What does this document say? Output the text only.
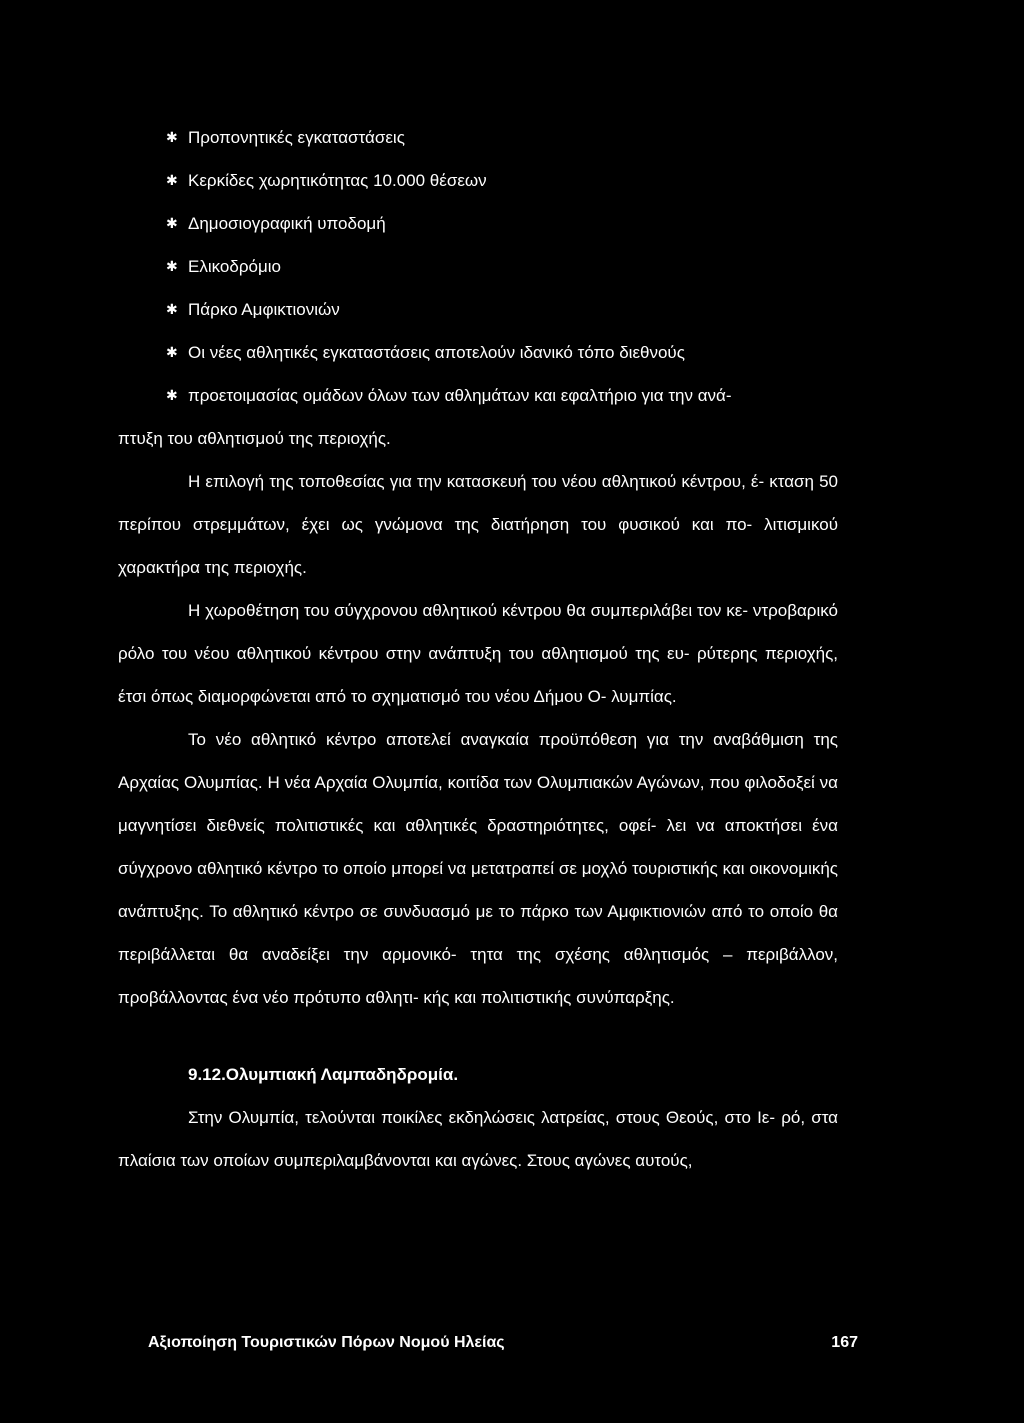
✱ Προπονητικές εγκαταστάσεις
✱ Κερκίδες χωρητικότητας 10.000 θέσεων
✱ Δημοσιογραφική υποδομή
✱ Ελικοδρόμιο
✱ Πάρκο Αμφικτιονιών
✱ Οι νέες αθλητικές εγκαταστάσεις αποτελούν ιδανικό τόπο διεθνούς
✱ προετοιμασίας ομάδων όλων των αθλημάτων και εφαλτήριο για την ανά-
πτυξη του αθλητισμού της περιοχής.

Η επιλογή της τοποθεσίας για την κατασκευή του νέου αθλητικού κέντρου, έ- κταση 50 περίπου στρεμμάτων, έχει ως γνώμονα της διατήρηση του φυσικού και πο- λιτισμικού χαρακτήρα της περιοχής.

Η χωροθέτηση του σύγχρονου αθλητικού κέντρου θα συμπεριλάβει τον κε- ντροβαρικό ρόλο του νέου αθλητικού κέντρου στην ανάπτυξη του αθλητισμού της ευ- ρύτερης περιοχής, έτσι όπως διαμορφώνεται από το σχηματισμό του νέου Δήμου Ο- λυμπίας.

Το νέο αθλητικό κέντρο αποτελεί αναγκαία προϋπόθεση για την αναβάθμιση της Αρχαίας Ολυμπίας. Η νέα Αρχαία Ολυμπία, κοιτίδα των Ολυμπιακών Αγώνων, που φιλοδοξεί να μαγνητίσει διεθνείς πολιτιστικές και αθλητικές δραστηριότητες, οφεί- λει να αποκτήσει ένα σύγχρονο αθλητικό κέντρο το οποίο μπορεί να μετατραπεί σε μοχλό τουριστικής και οικονομικής ανάπτυξης. Το αθλητικό κέντρο σε συνδυασμό με το πάρκο των Αμφικτιονιών από το οποίο θα περιβάλλεται θα αναδείξει την αρμονικό- τητα της σχέσης αθλητισμός – περιβάλλον, προβάλλοντας ένα νέο πρότυπο αθλητι- κής και πολιτιστικής συνύπαρξης.

9.12.Ολυμπιακή Λαμπαδηδρομία.

Στην Ολυμπία, τελούνται ποικίλες εκδηλώσεις λατρείας, στους Θεούς, στο Ιε- ρό, στα πλαίσια των οποίων συμπεριλαμβάνονται και αγώνες. Στους αγώνες αυτούς,

Αξιοποίηση Τουριστικών Πόρων Νομού Ηλείας	167
